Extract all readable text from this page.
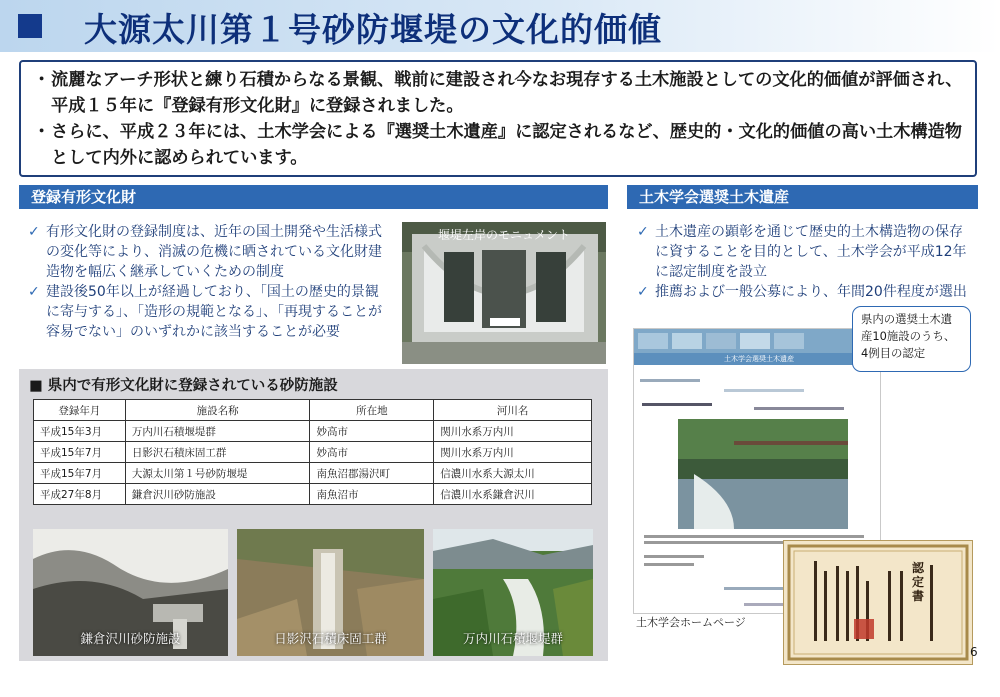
大源太川第１号砂防堰堤の文化的価値
・ 流麗なアーチ形状と練り石積からなる景観、戦前に建設され今なお現存する土木施設としての文化的価値が評価され、平成１５年に『登録有形文化財』に登録されました。
・ さらに、平成２３年には、土木学会による『選奨土木遺産』に認定されるなど、歴史的・文化的価値の高い土木構造物として内外に認められています。
登録有形文化財
✓ 有形文化財の登録制度は、近年の国土開発や生活様式の変化等により、消滅の危機に晒されている文化財建造物を幅広く継承していくための制度
✓ 建設後50年以上が経過しており、「国土の歴史的景観に寄与する」、「造形の規範となる」、「再現することが容易でない」のいずれかに該当することが必要
堰堤左岸のモニュメント
■ 県内で有形文化財に登録されている砂防施設
登録年月	施設名称	所在地	河川名
平成15年3月	万内川石積堰堤群	妙高市	関川水系万内川
平成15年7月	日影沢石積床固工群	妙高市	関川水系万内川
平成15年7月	大源太川第１号砂防堰堤	南魚沼郡湯沢町	信濃川水系大源太川
平成27年8月	鎌倉沢川砂防施設	南魚沼市	信濃川水系鎌倉沢川
鎌倉沢川砂防施設	日影沢石積床固工群	万内川石積堰堤群
土木学会選奨土木遺産
✓ 土木遺産の顕彰を通じて歴史的土木構造物の保存に資することを目的として、土木学会が平成12年に認定制度を設立
✓ 推薦および一般公募により、年間20件程度が選出
土木学会選奨土木遺産
土木学会ホームページ
県内の選奨土木遺産10施設のうち、4例目の認定
認定書
6
